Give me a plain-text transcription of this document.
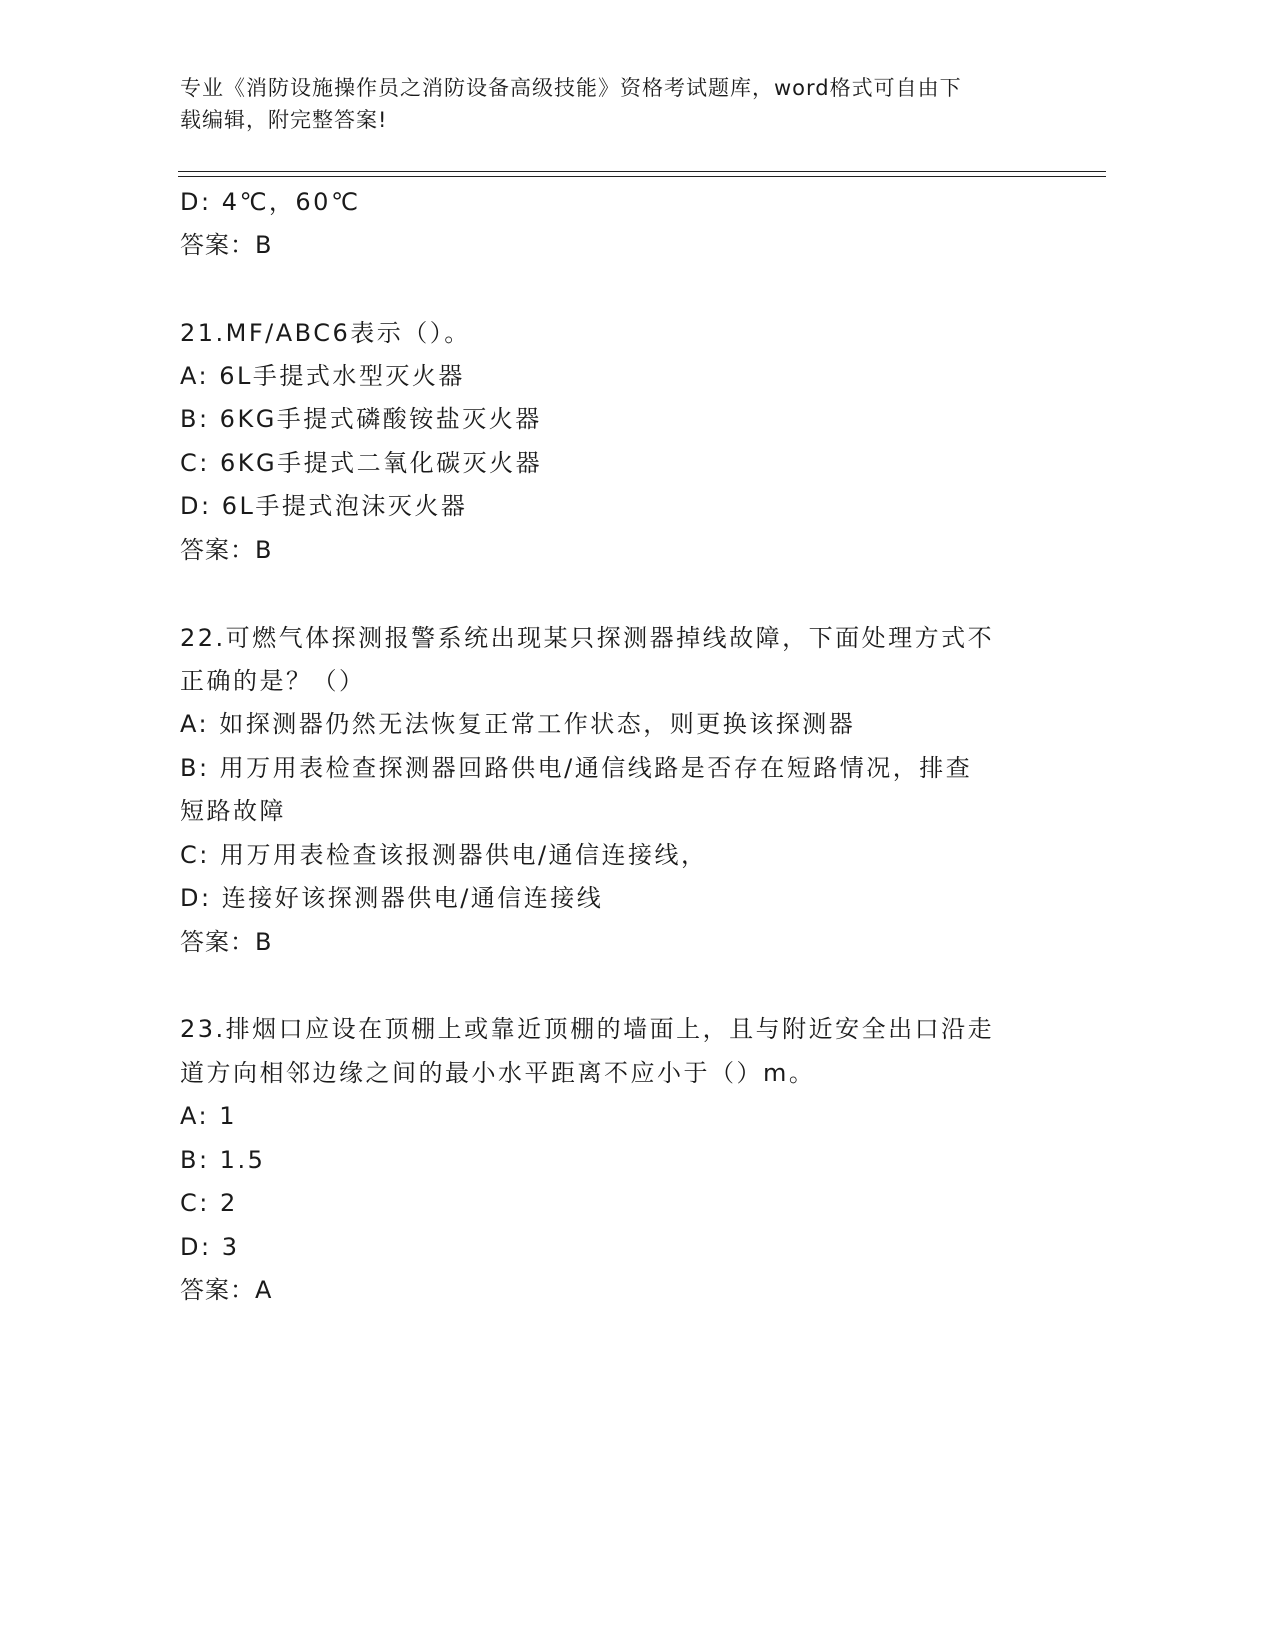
专业《消防设施操作员之消防设备高级技能》资格考试题库，word格式可自由下
载编辑，附完整答案!
D: 4℃，60℃
答案：B
21.MF/ABC6表示（）。
A: 6L手提式水型灭火器
B: 6KG手提式磷酸铵盐灭火器
C: 6KG手提式二氧化碳灭火器
D: 6L手提式泡沫灭火器
答案：B
22.可燃气体探测报警系统出现某只探测器掉线故障，下面处理方式不
正确的是？（）
A: 如探测器仍然无法恢复正常工作状态，则更换该探测器
B: 用万用表检查探测器回路供电/通信线路是否存在短路情况，排查
短路故障
C: 用万用表检查该报测器供电/通信连接线，
D: 连接好该探测器供电/通信连接线
答案：B
23.排烟口应设在顶棚上或靠近顶棚的墙面上，且与附近安全出口沿走
道方向相邻边缘之间的最小水平距离不应小于（）m。
A: 1
B: 1.5
C: 2
D: 3
答案：A
